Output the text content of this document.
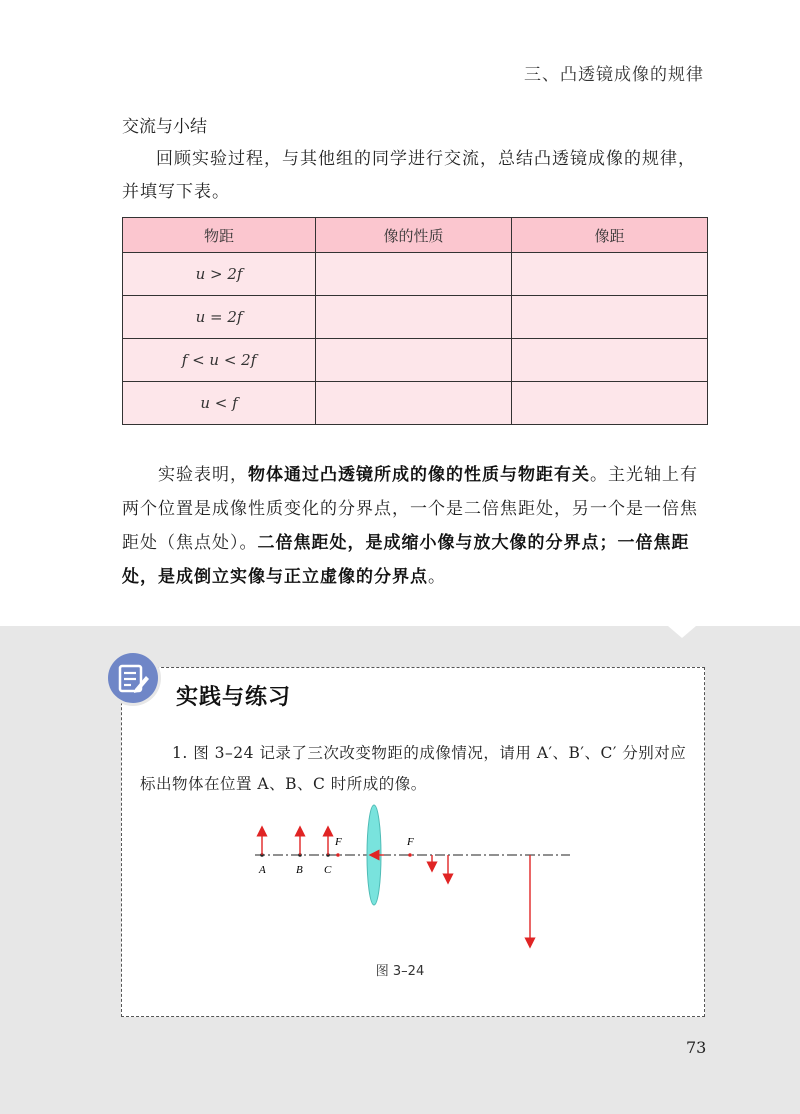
三、凸透镜成像的规律
交流与小结
回顾实验过程，与其他组的同学进行交流，总结凸透镜成像的规律，并填写下表。
物距	像的性质	像距
u > 2f		
u = 2f		
f < u < 2f		
u < f		
实验表明，物体通过凸透镜所成的像的性质与物距有关。主光轴上有两个位置是成像性质变化的分界点，一个是二倍焦距处，另一个是一倍焦距处（焦点处）。二倍焦距处，是成缩小像与放大像的分界点；一倍焦距处，是成倒立实像与正立虚像的分界点。
实践与练习
1. 图 3–24 记录了三次改变物距的成像情况，请用 A′、B′、C′ 分别对应标出物体在位置 A、B、C 时所成的像。
A	B C
F	F
图 3–24
73
